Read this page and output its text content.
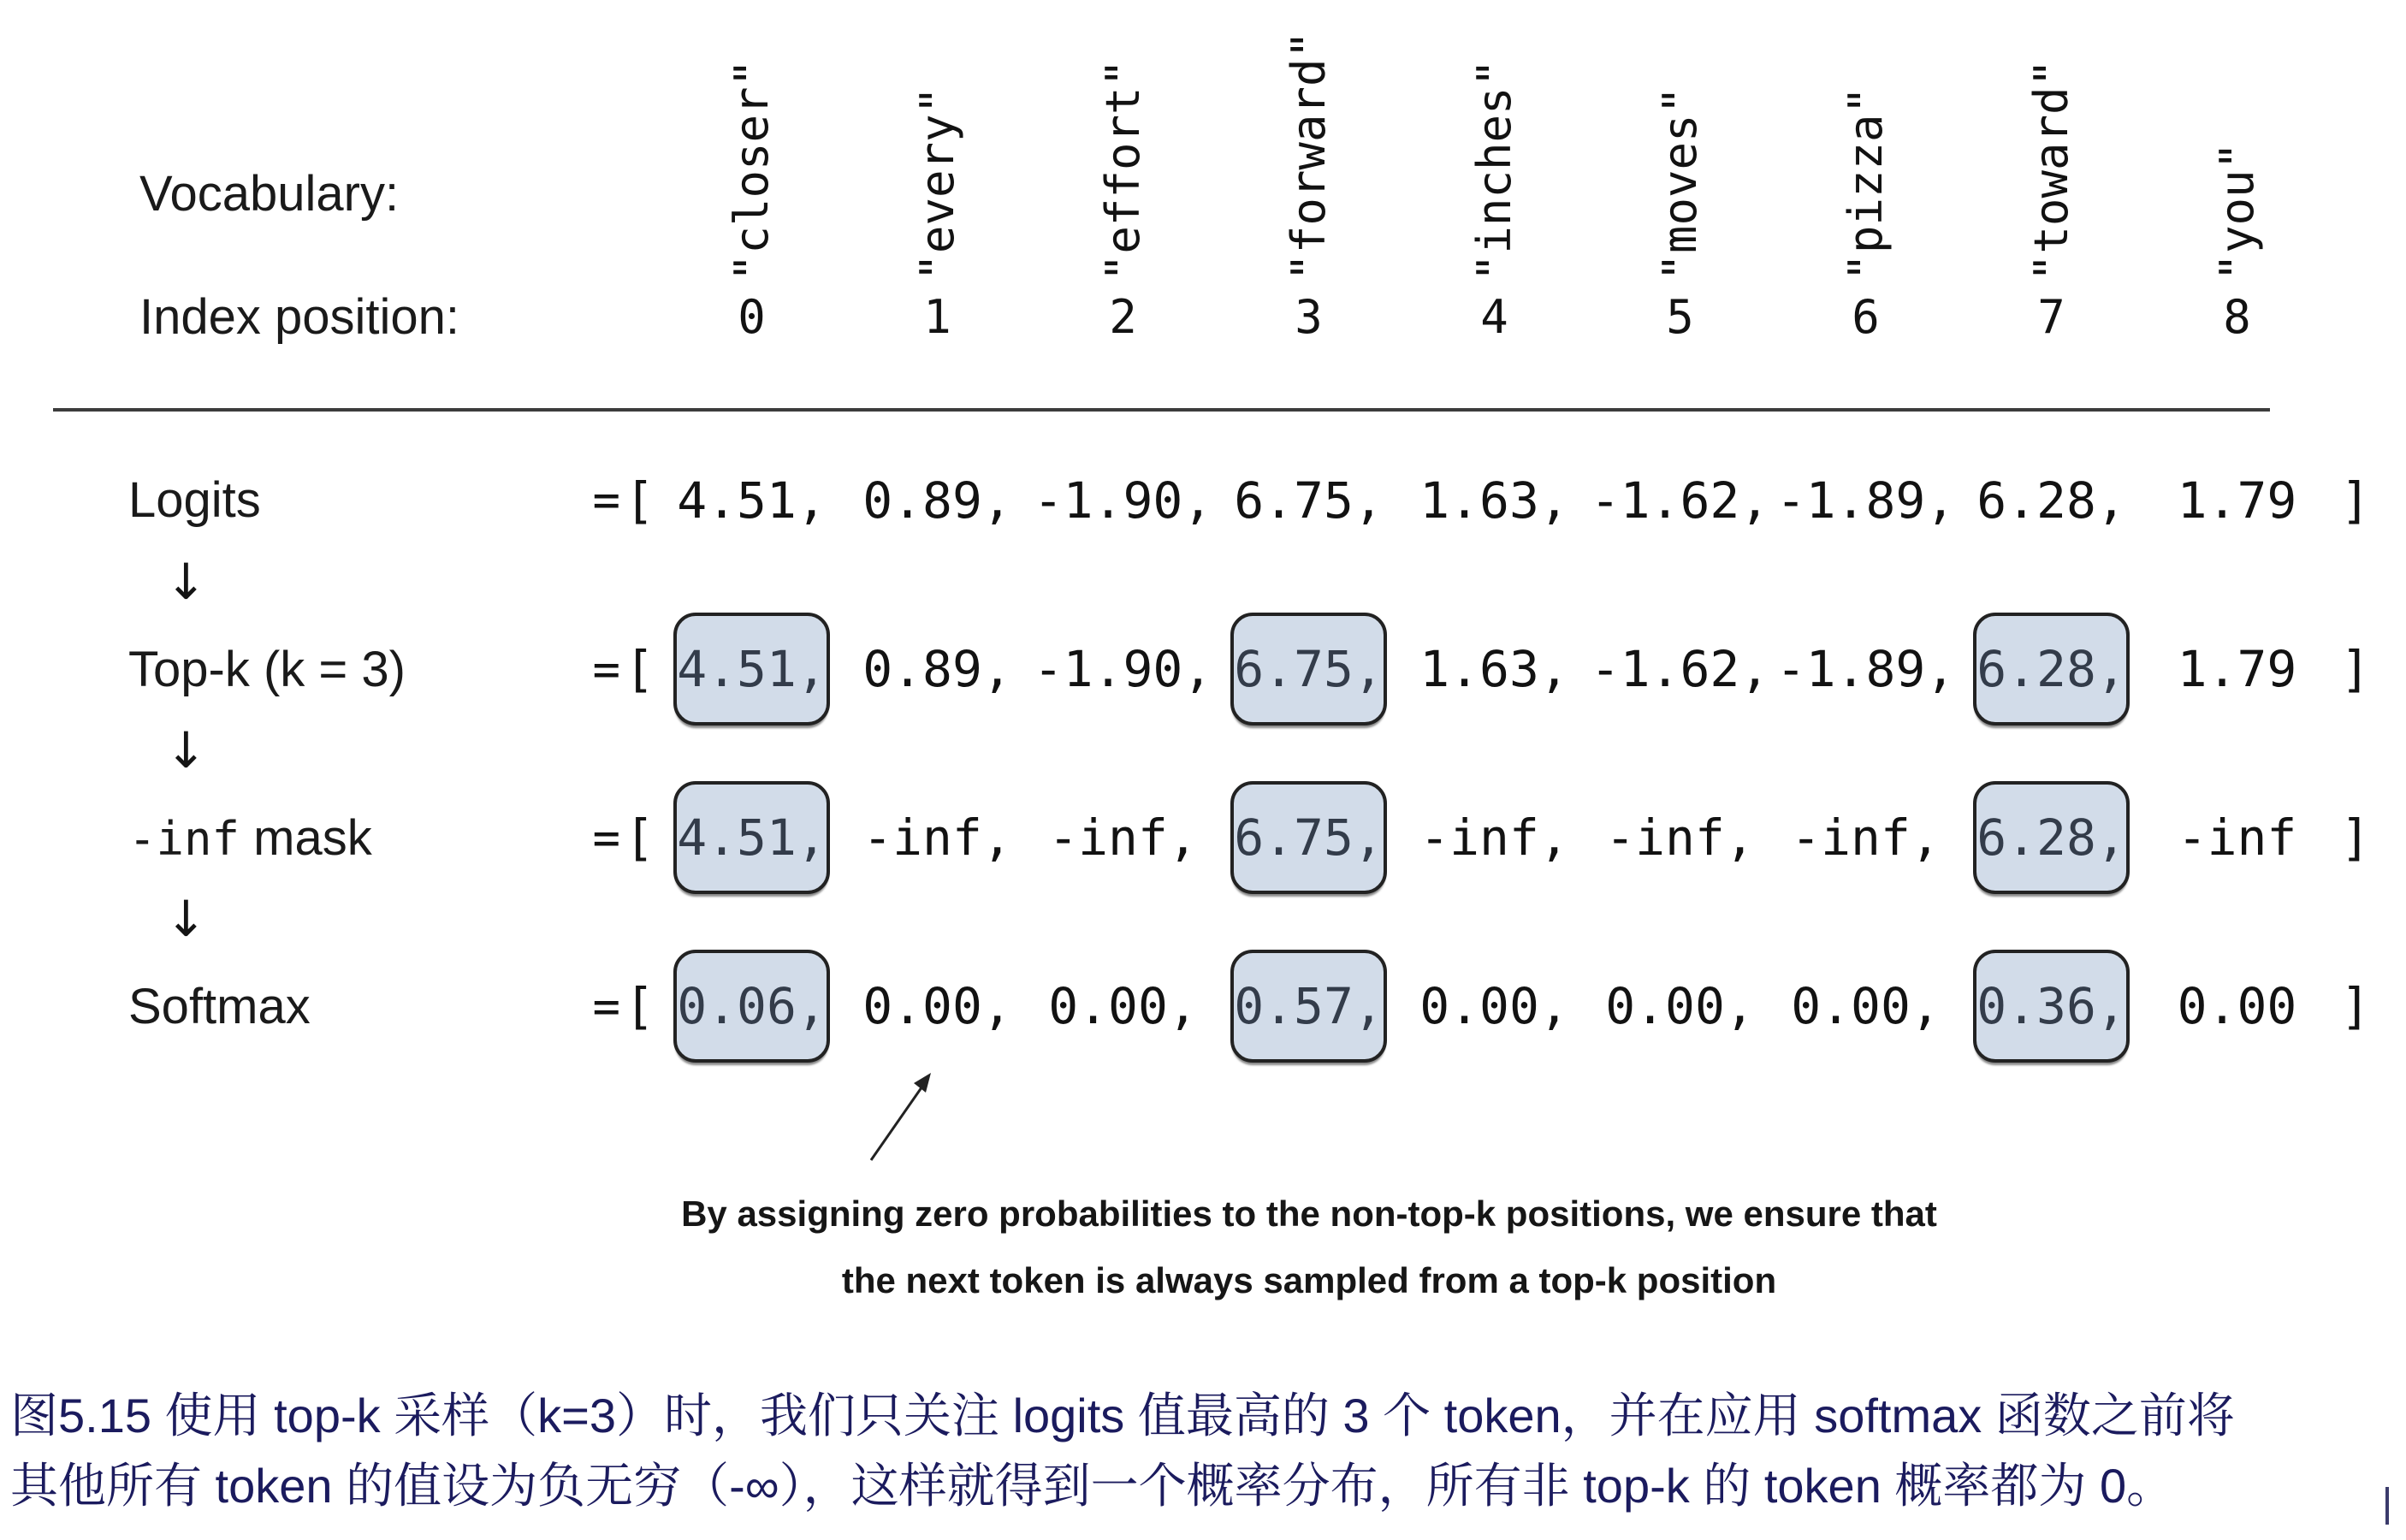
Vocabulary:	"closer"	"every"	"effort"	"forward"	"inches"	"moves"	"pizza"	"toward"	"you"
Index position:	0	1	2	3	4	5	6	7	8
Logits	= [ 4.51, 0.89, -1.90, 6.75, 1.63, -1.62, -1.89, 6.28,	1.79 ]
↓
Top-k (k = 3)	= [ 4.51, 0.89, -1.90, 6.75, 1.63, -1.62, -1.89, 6.28,	1.79 ]
↓
-inf mask	= [ 4.51, -inf, -inf, 6.75, -inf, -inf, -inf, 6.28,	-inf ]
↓
Softmax	= [ 0.06, 0.00, 0.00, 0.57, 0.00, 0.00, 0.00, 0.36,	0.00 ]
By assigning zero probabilities to the non-top-k positions, we ensure that
the next token is always sampled from a top-k position
图5.15 使用 top-k 采样（k=3）时，我们只关注 logits 值最高的 3 个 token，并在应用 softmax 函数之前将
其他所有 token 的值设为负无穷（-∞），这样就得到一个概率分布，所有非 top-k 的 token 概率都为 0。
